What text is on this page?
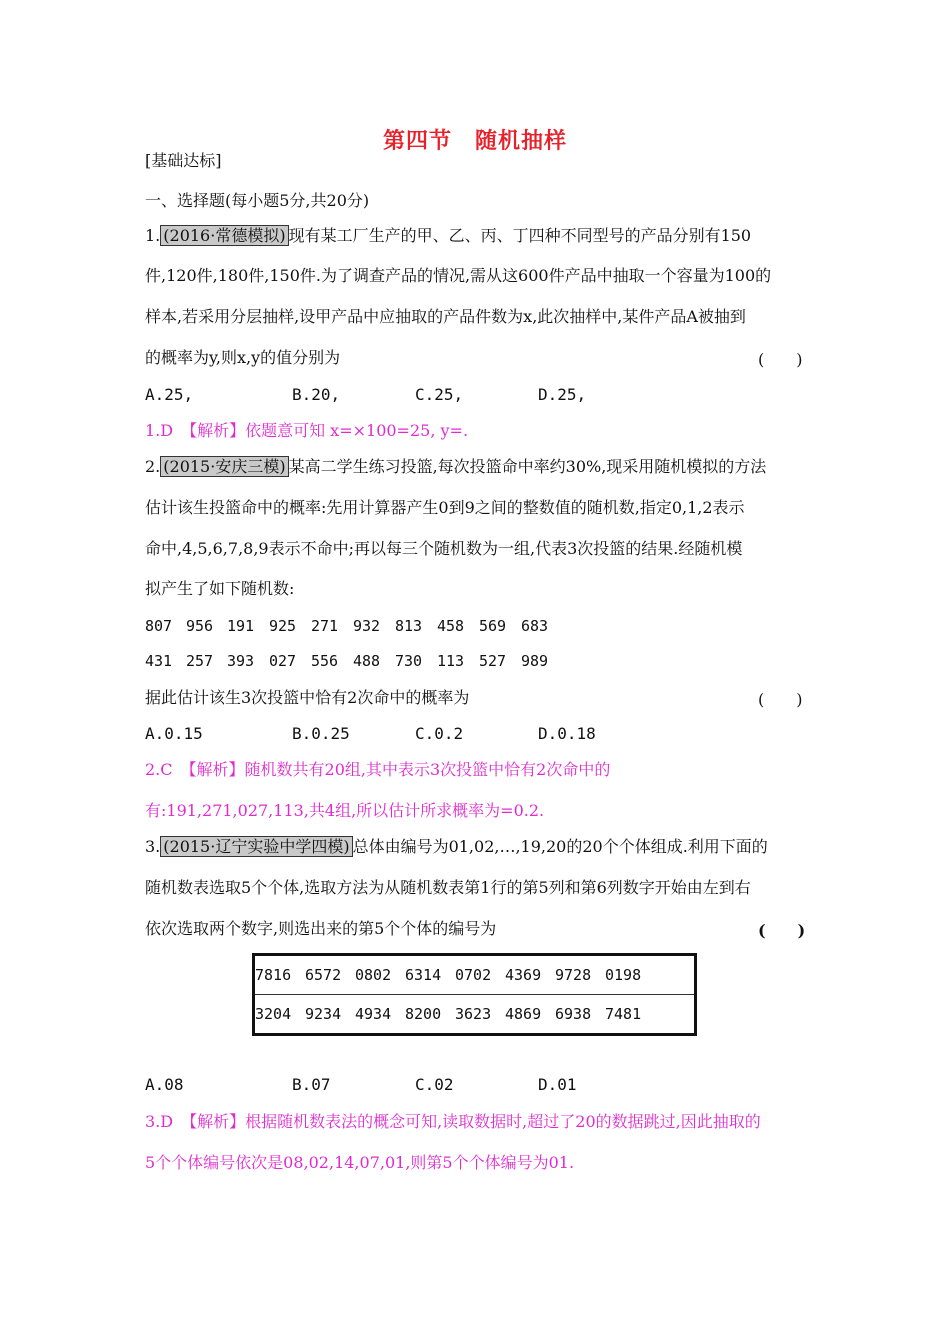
第四节　随机抽样
[基础达标]
一、选择题(每小题5分,共20分)
1. (2016·常德模拟) 现有某工厂生产的甲、乙、丙、丁四种不同型号的产品分别有150
件,120件,180件,150件.为了调查产品的情况,需从这600件产品中抽取一个容量为100的
样本,若采用分层抽样,设甲产品中应抽取的产品件数为x,此次抽样中,某件产品A被抽到
的概率为y,则x,y的值分别为	(　　)
A.25,	B.20,	C.25,	D.25,
1.D　【解析】依题意可知 x=×100=25, y=.
2. (2015·安庆三模) 某高二学生练习投篮,每次投篮命中率约30%,现采用随机模拟的方法
估计该生投篮命中的概率:先用计算器产生0到9之间的整数值的随机数,指定0,1,2表示
命中,4,5,6,7,8,9表示不命中;再以每三个随机数为一组,代表3次投篮的结果.经随机模
拟产生了如下随机数:
807 956 191 925 271 932 813 458 569 683
431 257 393 027 556 488 730 113 527 989
据此估计该生3次投篮中恰有2次命中的概率为	(　　)
A.0.15	B.0.25	C.0.2	D.0.18
2.C　【解析】随机数共有20组,其中表示3次投篮中恰有2次命中的
有:191,271,027,113,共4组,所以估计所求概率为=0.2.
3. (2015·辽宁实验中学四模) 总体由编号为01,02,…,19,20的20个个体组成.利用下面的
随机数表选取5个个体,选取方法为从随机数表第1行的第5列和第6列数字开始由左到右
依次选取两个数字,则选出来的第5个个体的编号为	(　　)
7816 6572 0802 6314 0702 4369 9728 0198
3204 9234 4934 8200 3623 4869 6938 7481
A.08	B.07	C.02	D.01
3.D　【解析】根据随机数表法的概念可知,读取数据时,超过了20的数据跳过,因此抽取的
5个个体编号依次是08,02,14,07,01,则第5个个体编号为01.
